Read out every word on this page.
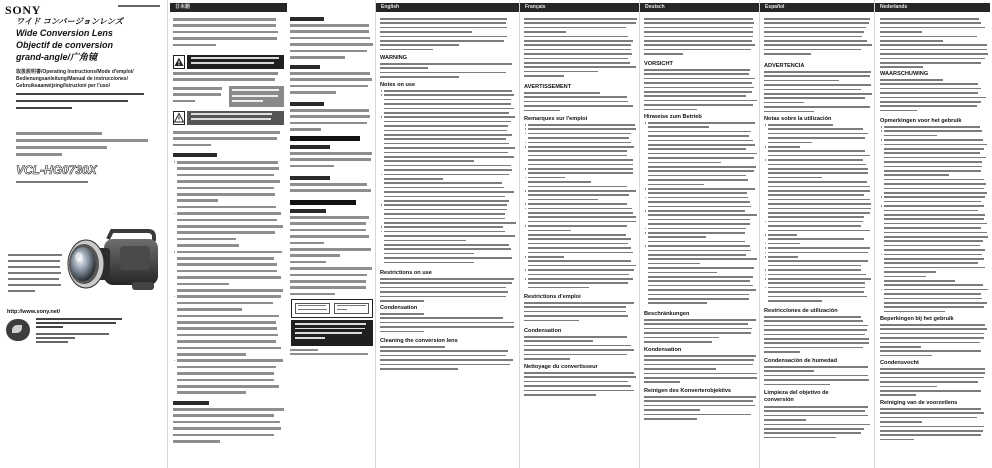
SONY
ワイド コンバージョンレンズ
Wide Conversion Lens
Objectif de conversion
grand-angle/广角镜
取扱説明書/Operating Instructions/Mode d'emploi/
Bedienungsanleitung/Manual de instrucciones/
Gebruiksaanwijzing/Istruzioni per l'uso/
VCL-HG0730X
http://www.sony.net/
日本語	English
WARNING
Notes on use
Restrictions on use
Condensation
Cleaning the conversion lens
Français
AVERTISSEMENT
Remarques sur l'emploi
Restrictions d'emploi
Condensation
Nettoyage du convertisseur
Deutsch
VORSICHT
Hinweise zum Betrieb
Beschränkungen
Kondensation
Reinigen des Konverterobjektivs
Español
ADVERTENCIA
Notas sobre la utilización
Restricciones de utilización
Condensación de humedad
Limpieza del objetivo de conversión
Nederlands
WAARSCHUWING
Opmerkingen voor het gebruik
Beperkingen bij het gebruik
Condensvocht
Reiniging van de voorzetlens
